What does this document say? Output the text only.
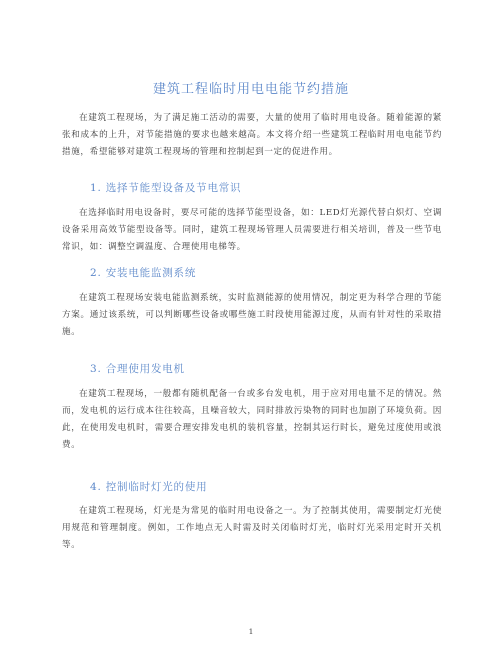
建筑工程临时用电电能节约措施

在建筑工程现场，为了满足施工活动的需要，大量的使用了临时用电设备。随着能源的紧张和成本的上升，对节能措施的要求也越来越高。本文将介绍一些建筑工程临时用电电能节约措施，希望能够对建筑工程现场的管理和控制起到一定的促进作用。

1. 选择节能型设备及节电常识

在选择临时用电设备时，要尽可能的选择节能型设备，如：LED灯光源代替白炽灯、空调设备采用高效节能型设备等。同时，建筑工程现场管理人员需要进行相关培训，普及一些节电常识，如：调整空调温度、合理使用电梯等。

2. 安装电能监测系统

在建筑工程现场安装电能监测系统，实时监测能源的使用情况，制定更为科学合理的节能方案。通过该系统，可以判断哪些设备或哪些施工时段使用能源过度，从而有针对性的采取措施。

3. 合理使用发电机

在建筑工程现场，一般都有随机配备一台或多台发电机，用于应对用电量不足的情况。然而，发电机的运行成本往往较高，且噪音较大，同时排放污染物的同时也加剧了环境负荷。因此，在使用发电机时，需要合理安排发电机的装机容量，控制其运行时长，避免过度使用或浪费。

4. 控制临时灯光的使用

在建筑工程现场，灯光是为常见的临时用电设备之一。为了控制其使用，需要制定灯光使用规范和管理制度。例如，工作地点无人时需及时关闭临时灯光，临时灯光采用定时开关机等。

1
